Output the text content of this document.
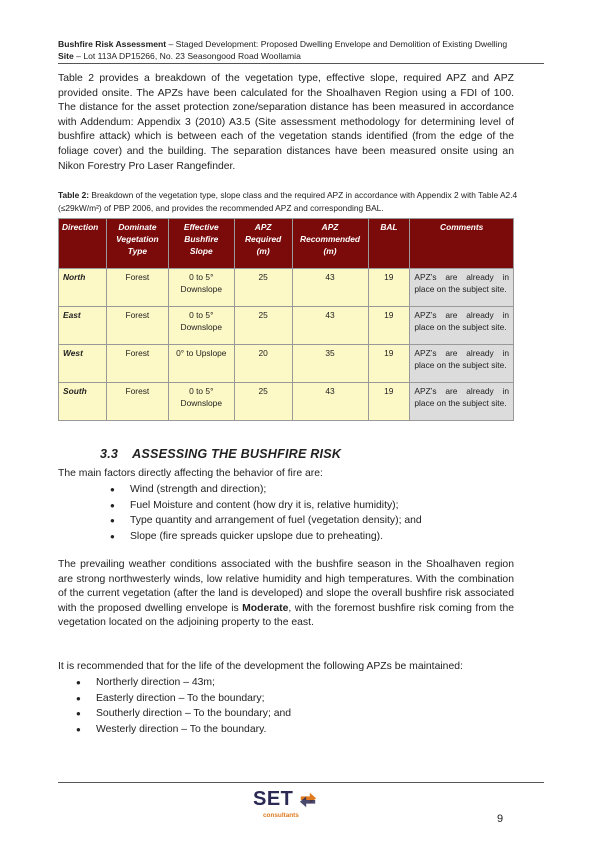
Bushfire Risk Assessment – Staged Development: Proposed Dwelling Envelope and Demolition of Existing Dwelling
Site – Lot 113A DP15266, No. 23 Seasongood Road Woollamia
Table 2 provides a breakdown of the vegetation type, effective slope, required APZ and APZ provided onsite. The APZs have been calculated for the Shoalhaven Region using a FDI of 100. The distance for the asset protection zone/separation distance has been measured in accordance with Addendum: Appendix 3 (2010) A3.5 (Site assessment methodology for determining level of bushfire attack) which is between each of the vegetation stands identified (from the edge of the foliage cover) and the building. The separation distances have been measured onsite using an Nikon Forestry Pro Laser Rangefinder.
Table 2: Breakdown of the vegetation type, slope class and the required APZ in accordance with Appendix 2 with Table A2.4 (≤29kW/m²) of PBP 2006, and provides the recommended APZ and corresponding BAL.
Direction	Dominate Vegetation Type	Effective Bushfire Slope	APZ Required (m)	APZ Recommended (m)	BAL	Comments
North	Forest	0 to 5° Downslope	25	43	19	APZ’s are already in place on the subject site.
East	Forest	0 to 5° Downslope	25	43	19	APZ’s are already in place on the subject site.
West	Forest	0° to Upslope	20	35	19	APZ’s are already in place on the subject site.
South	Forest	0 to 5° Downslope	25	43	19	APZ’s are already in place on the subject site.
3.3 ASSESSING THE BUSHFIRE RISK
The main factors directly affecting the behavior of fire are:
● Wind (strength and direction);
● Fuel Moisture and content (how dry it is, relative humidity);
● Type quantity and arrangement of fuel (vegetation density); and
● Slope (fire spreads quicker upslope due to preheating).
The prevailing weather conditions associated with the bushfire season in the Shoalhaven region are strong northwesterly winds, low relative humidity and high temperatures. With the combination of the current vegetation (after the land is developed) and slope the overall bushfire risk associated with the proposed dwelling envelope is Moderate, with the foremost bushfire risk coming from the vegetation located on the adjoining property to the east.
It is recommended that for the life of the development the following APZs be maintained:
● Northerly direction – 43m;
● Easterly direction – To the boundary;
● Southerly direction – To the boundary; and
● Westerly direction – To the boundary.
SET
consultants	9
